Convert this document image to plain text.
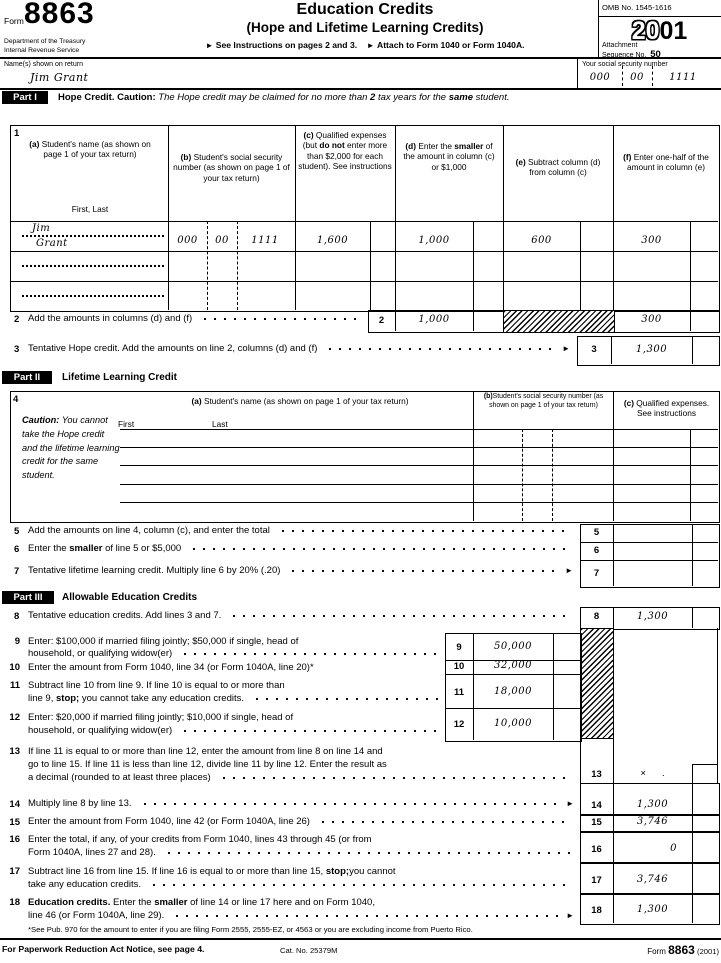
Form 8863
Department of the Treasury
Internal Revenue Service
Education Credits
(Hope and Lifetime Learning Credits)
► See Instructions on pages 2 and 3. ► Attach to Form 1040 or Form 1040A.
OMB No. 1545-1616
2001
Attachment
Sequence No. 50
Name(s) shown on return
Jim Grant
Your social security number
000	00	1111
Part I	Hope Credit. Caution: The Hope credit may be claimed for no more than 2 tax years for the same student.
1
(a) Student's name (as shown on page 1 of your tax return)
First, Last
(b) Student's social security number (as shown on page 1 of your tax return)
(c) Qualified expenses (but do not enter more than $2,000 for each student). See instructions
(d) Enter the smaller of the amount in column (c) or $1,000	(e) Subtract column (d) from column (c)
(f) Enter one-half of the amount in column (e)
Jim
Grant	000	00	1111	1,600	1,000	600	300
2 Add the amounts in columns (d) and (f)	2	1,000	300
3 Tentative Hope credit. Add the amounts on line 2, columns (d) and (f)	►	3	1,300
Part II	Lifetime Learning Credit
4
Caution: You cannot take the Hope credit and the lifetime learning credit for the same student.
(a) Student's name (as shown on page 1 of your tax return)
First	Last
(b)Student's social security number (as shown on page 1 of your tax return)	(c) Qualified expenses. See instructions
5 Add the amounts on line 4, column (c), and enter the total	5
6 Enter the smaller of line 5 or $5,000	6
7 Tentative lifetime learning credit. Multiply line 6 by 20% (.20)	►	7
Part III	Allowable Education Credits
8 Tentative education credits. Add lines 3 and 7.	8	1,300
9	50,000
10	32,000
11	18,000
12	10,000
9 Enter: $100,000 if married filing jointly; $50,000 if single, head of
household, or qualifying widow(er)
10 Enter the amount from Form 1040, line 34 (or Form 1040A, line 20)*
11 Subtract line 10 from line 9. If line 10 is equal to or more than
line 9, stop; you cannot take any education credits.
12 Enter: $20,000 if married filing jointly; $10,000 if single, head of
household, or qualifying widow(er)
13 If line 11 is equal to or more than line 12, enter the amount from line 8 on line 14 and
go to line 15. If line 11 is less than line 12, divide line 11 by line 12. Enter the result as
a decimal (rounded to at least three places)	13	× .
14	1,300
15	3,746
16	0
17	3,746
18	1,300
14 Multiply line 8 by line 13.	►
15 Enter the amount from Form 1040, line 42 (or Form 1040A, line 26)
16 Enter the total, if any, of your credits from Form 1040, lines 43 through 45 (or from
Form 1040A, lines 27 and 28).
17 Subtract line 16 from line 15. If line 16 is equal to or more than line 15, stop;you cannot
take any education credits.
18 Education credits. Enter the smaller of line 14 or line 17 here and on Form 1040,
line 46 (or Form 1040A, line 29).	►
*See Pub. 970 for the amount to enter if you are filing Form 2555, 2555-EZ, or 4563 or you are excluding income from Puerto Rico.
For Paperwork Reduction Act Notice, see page 4.	Cat. No. 25379M	Form 8863 (2001)
